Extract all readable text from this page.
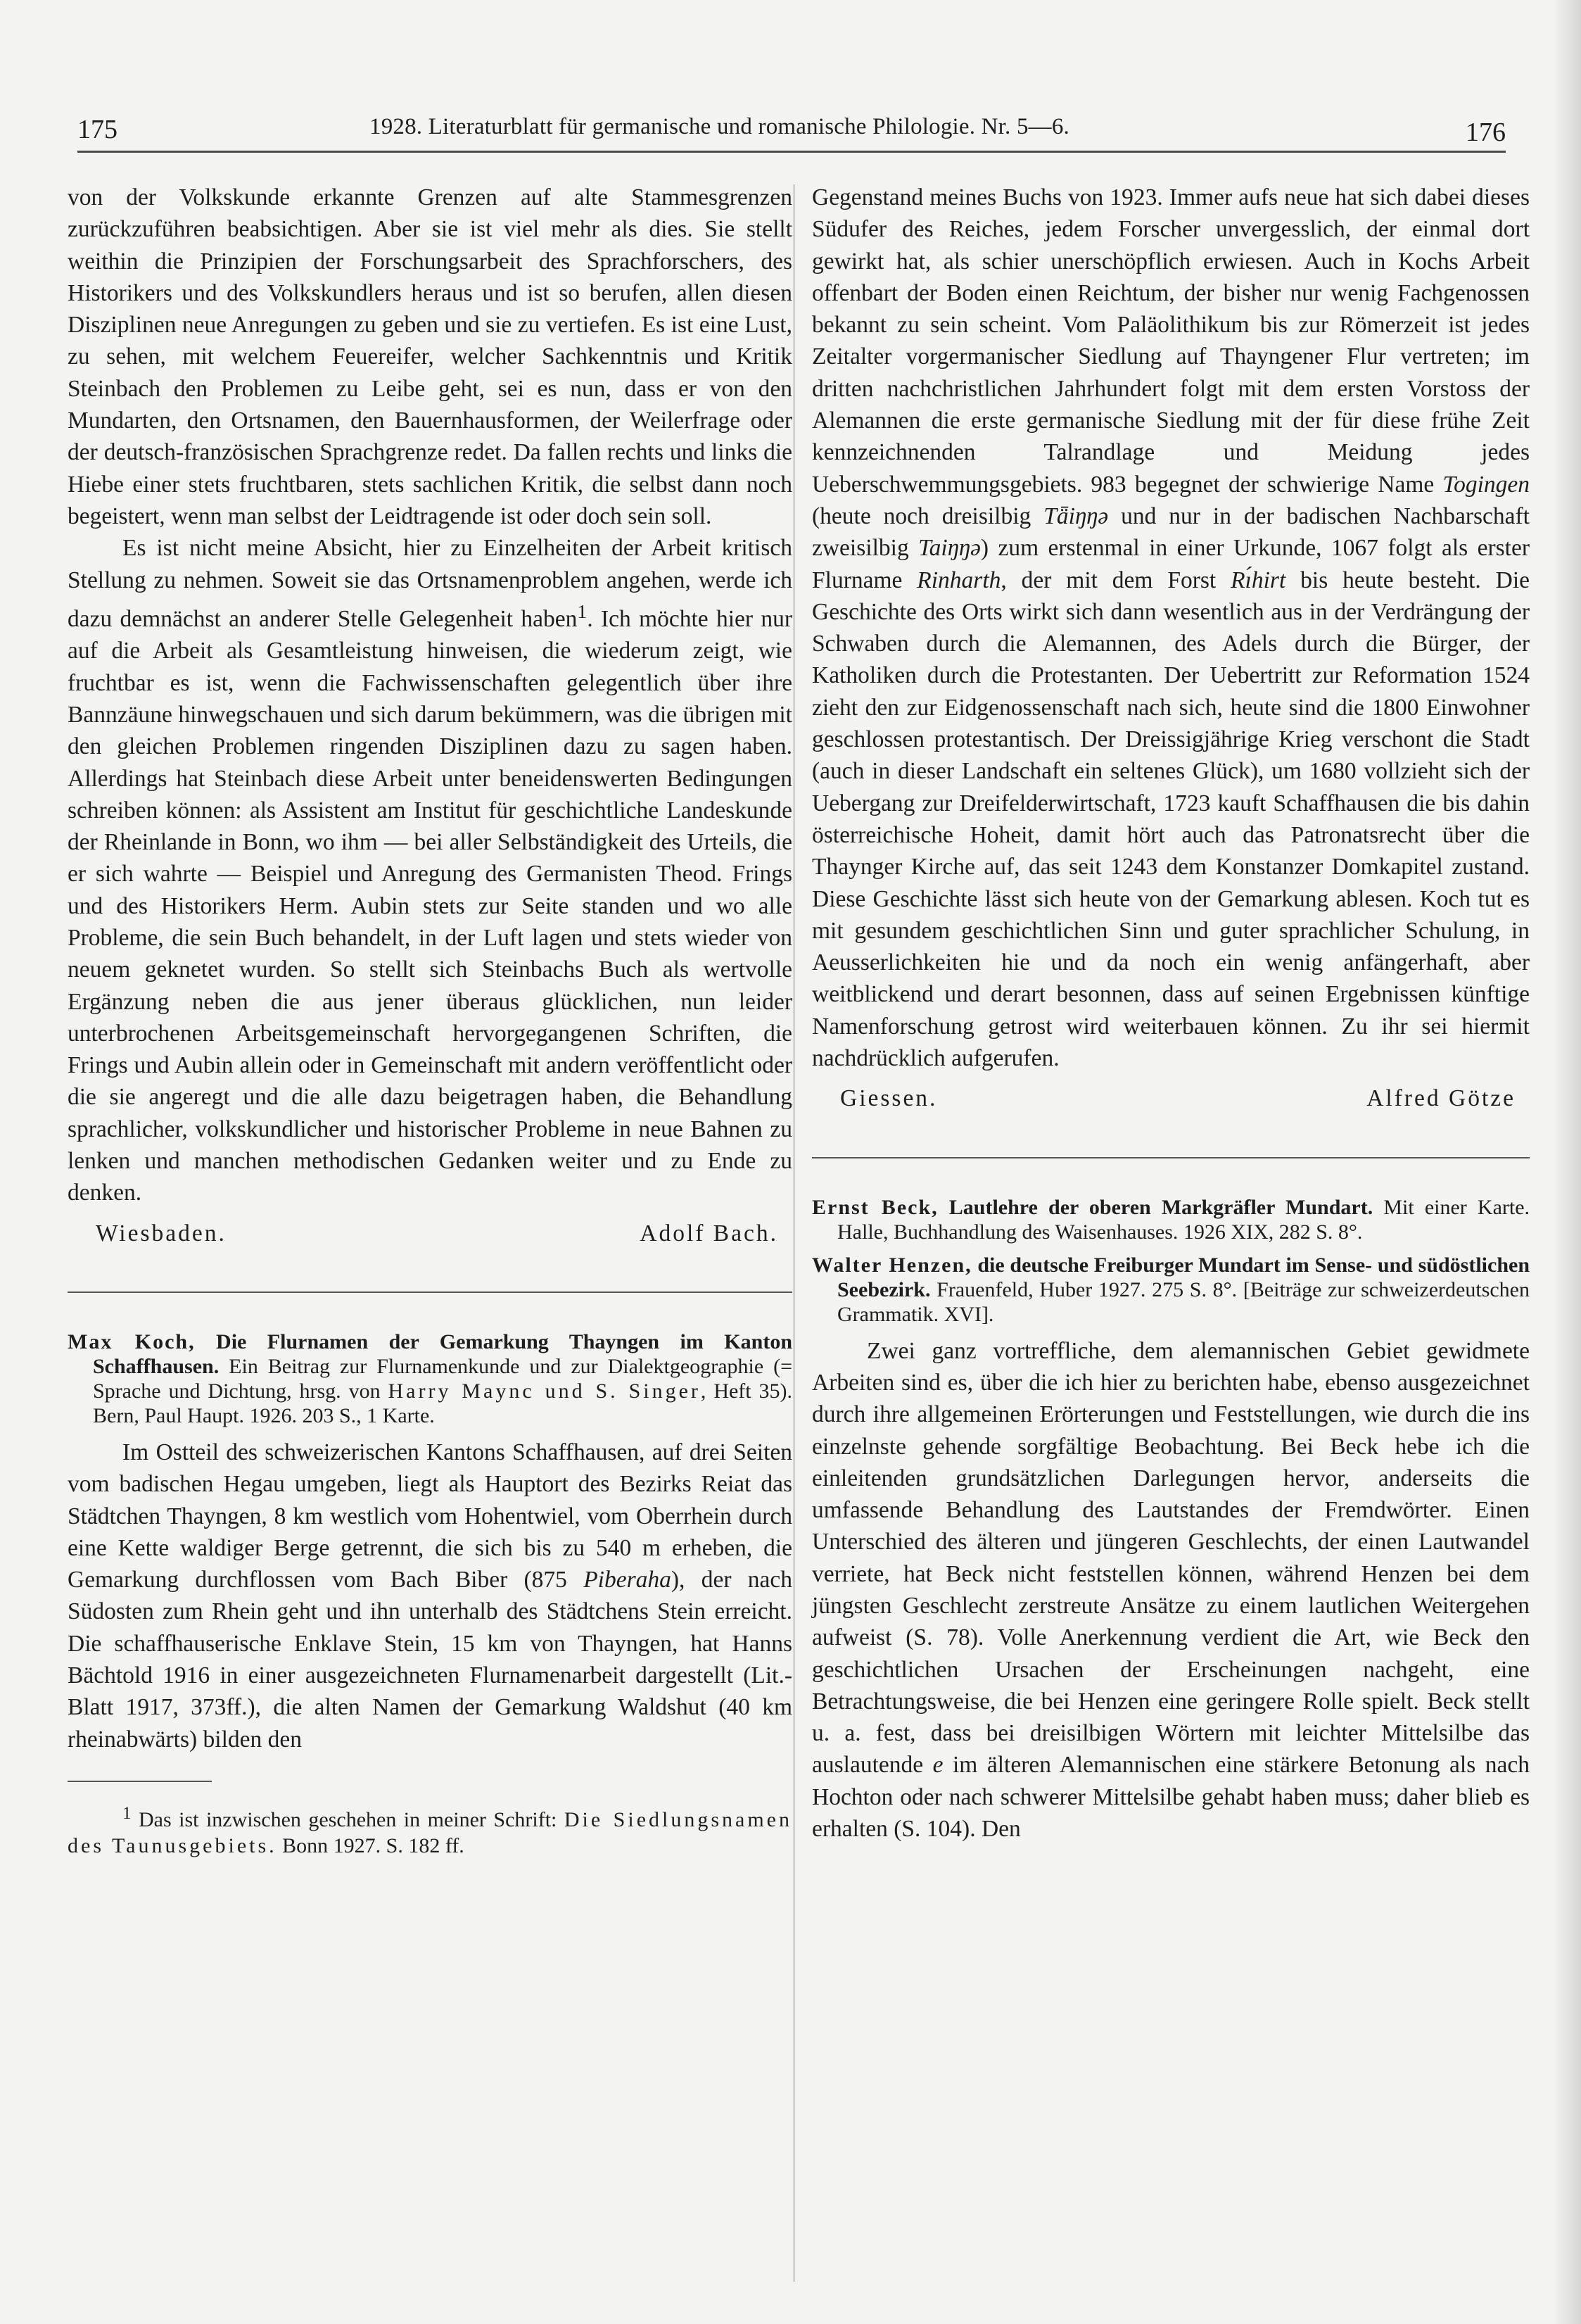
175	1928. Literaturblatt für germanische und romanische Philologie. Nr. 5—6.	176

von der Volkskunde erkannte Grenzen auf alte Stammesgrenzen zurückzuführen beabsichtigen. Aber sie ist viel mehr als dies. Sie stellt weithin die Prinzipien der Forschungsarbeit des Sprachforschers, des Historikers und des Volkskundlers heraus und ist so berufen, allen diesen Disziplinen neue Anregungen zu geben und sie zu vertiefen. Es ist eine Lust, zu sehen, mit welchem Feuereifer, welcher Sachkenntnis und Kritik Steinbach den Problemen zu Leibe geht, sei es nun, dass er von den Mundarten, den Ortsnamen, den Bauernhausformen, der Weilerfrage oder der deutsch-französischen Sprachgrenze redet. Da fallen rechts und links die Hiebe einer stets fruchtbaren, stets sachlichen Kritik, die selbst dann noch begeistert, wenn man selbst der Leidtragende ist oder doch sein soll.

Es ist nicht meine Absicht, hier zu Einzelheiten der Arbeit kritisch Stellung zu nehmen. Soweit sie das Ortsnamenproblem angehen, werde ich dazu demnächst an anderer Stelle Gelegenheit haben$^1$. Ich möchte hier nur auf die Arbeit als Gesamtleistung hinweisen, die wiederum zeigt, wie fruchtbar es ist, wenn die Fachwissenschaften gelegentlich über ihre Bannzäune hinwegschauen und sich darum bekümmern, was die übrigen mit den gleichen Problemen ringenden Disziplinen dazu zu sagen haben. Allerdings hat Steinbach diese Arbeit unter beneidenswerten Bedingungen schreiben können: als Assistent am Institut für geschichtliche Landeskunde der Rheinlande in Bonn, wo ihm — bei aller Selbständigkeit des Urteils, die er sich wahrte — Beispiel und Anregung des Germanisten Theod. Frings und des Historikers Herm. Aubin stets zur Seite standen und wo alle Probleme, die sein Buch behandelt, in der Luft lagen und stets wieder von neuem geknetet wurden. So stellt sich Steinbachs Buch als wertvolle Ergänzung neben die aus jener überaus glücklichen, nun leider unterbrochenen Arbeitsgemeinschaft hervorgegangenen Schriften, die Frings und Aubin allein oder in Gemeinschaft mit andern veröffentlicht oder die sie angeregt und die alle dazu beigetragen haben, die Behandlung sprachlicher, volkskundlicher und historischer Probleme in neue Bahnen zu lenken und manchen methodischen Gedanken weiter und zu Ende zu denken.

Wiesbaden.	Adolf Bach.
Max Koch, Die Flurnamen der Gemarkung Thayngen im Kanton Schaffhausen. Ein Beitrag zur Flurnamenkunde und zur Dialektgeographie (= Sprache und Dichtung, hrsg. von Harry Maync und S. Singer, Heft 35). Bern, Paul Haupt. 1926. 203 S., 1 Karte.

Im Ostteil des schweizerischen Kantons Schaffhausen, auf drei Seiten vom badischen Hegau umgeben, liegt als Hauptort des Bezirks Reiat das Städtchen Thayngen, 8 km westlich vom Hohentwiel, vom Oberrhein durch eine Kette waldiger Berge getrennt, die sich bis zu 540 m erheben, die Gemarkung durchflossen vom Bach Biber (875 Piberaha), der nach Südosten zum Rhein geht und ihn unterhalb des Städtchens Stein erreicht. Die schaffhauserische Enklave Stein, 15 km von Thayngen, hat Hanns Bächtold 1916 in einer ausgezeichneten Flurnamenarbeit dargestellt (Lit.-Blatt 1917, 373ff.), die alten Namen der Gemarkung Waldshut (40 km rheinabwärts) bilden den

$^1$ Das ist inzwischen geschehen in meiner Schrift: Die Siedlungsnamen des Taunusgebiets. Bonn 1927. S. 182 ff.

Gegenstand meines Buchs von 1923. Immer aufs neue hat sich dabei dieses Südufer des Reiches, jedem Forscher unvergesslich, der einmal dort gewirkt hat, als schier unerschöpflich erwiesen. Auch in Kochs Arbeit offenbart der Boden einen Reichtum, der bisher nur wenig Fachgenossen bekannt zu sein scheint. Vom Paläolithikum bis zur Römerzeit ist jedes Zeitalter vorgermanischer Siedlung auf Thayngener Flur vertreten; im dritten nachchristlichen Jahrhundert folgt mit dem ersten Vorstoss der Alemannen die erste germanische Siedlung mit der für diese frühe Zeit kennzeichnenden Talrandlage und Meidung jedes Ueberschwemmungsgebiets. 983 begegnet der schwierige Name Togingen (heute noch dreisilbig Tǟiŋŋə und nur in der badischen Nachbarschaft zweisilbig Taiŋŋə) zum erstenmal in einer Urkunde, 1067 folgt als erster Flurname Rinharth, der mit dem Forst Rı́hirt bis heute besteht. Die Geschichte des Orts wirkt sich dann wesentlich aus in der Verdrängung der Schwaben durch die Alemannen, des Adels durch die Bürger, der Katholiken durch die Protestanten. Der Uebertritt zur Reformation 1524 zieht den zur Eidgenossenschaft nach sich, heute sind die 1800 Einwohner geschlossen protestantisch. Der Dreissigjährige Krieg verschont die Stadt (auch in dieser Landschaft ein seltenes Glück), um 1680 vollzieht sich der Uebergang zur Dreifelderwirtschaft, 1723 kauft Schaffhausen die bis dahin österreichische Hoheit, damit hört auch das Patronatsrecht über die Thaynger Kirche auf, das seit 1243 dem Konstanzer Domkapitel zustand. Diese Geschichte lässt sich heute von der Gemarkung ablesen. Koch tut es mit gesundem geschichtlichen Sinn und guter sprachlicher Schulung, in Aeusserlichkeiten hie und da noch ein wenig anfängerhaft, aber weitblickend und derart besonnen, dass auf seinen Ergebnissen künftige Namenforschung getrost wird weiterbauen können. Zu ihr sei hiermit nachdrücklich aufgerufen.

Giessen.	Alfred Götze
Ernst Beck, Lautlehre der oberen Markgräfler Mundart. Mit einer Karte. Halle, Buchhandlung des Waisenhauses. 1926 XIX, 282 S. 8°.
Walter Henzen, die deutsche Freiburger Mundart im Sense- und südöstlichen Seebezirk. Frauenfeld, Huber 1927. 275 S. 8°. [Beiträge zur schweizerdeutschen Grammatik. XVI].

Zwei ganz vortreffliche, dem alemannischen Gebiet gewidmete Arbeiten sind es, über die ich hier zu berichten habe, ebenso ausgezeichnet durch ihre allgemeinen Erörterungen und Feststellungen, wie durch die ins einzelnste gehende sorgfältige Beobachtung. Bei Beck hebe ich die einleitenden grundsätzlichen Darlegungen hervor, anderseits die umfassende Behandlung des Lautstandes der Fremdwörter. Einen Unterschied des älteren und jüngeren Geschlechts, der einen Lautwandel verriete, hat Beck nicht feststellen können, während Henzen bei dem jüngsten Geschlecht zerstreute Ansätze zu einem lautlichen Weitergehen aufweist (S. 78). Volle Anerkennung verdient die Art, wie Beck den geschichtlichen Ursachen der Erscheinungen nachgeht, eine Betrachtungsweise, die bei Henzen eine geringere Rolle spielt. Beck stellt u. a. fest, dass bei dreisilbigen Wörtern mit leichter Mittelsilbe das auslautende e im älteren Alemannischen eine stärkere Betonung als nach Hochton oder nach schwerer Mittelsilbe gehabt haben muss; daher blieb es erhalten (S. 104). Den
